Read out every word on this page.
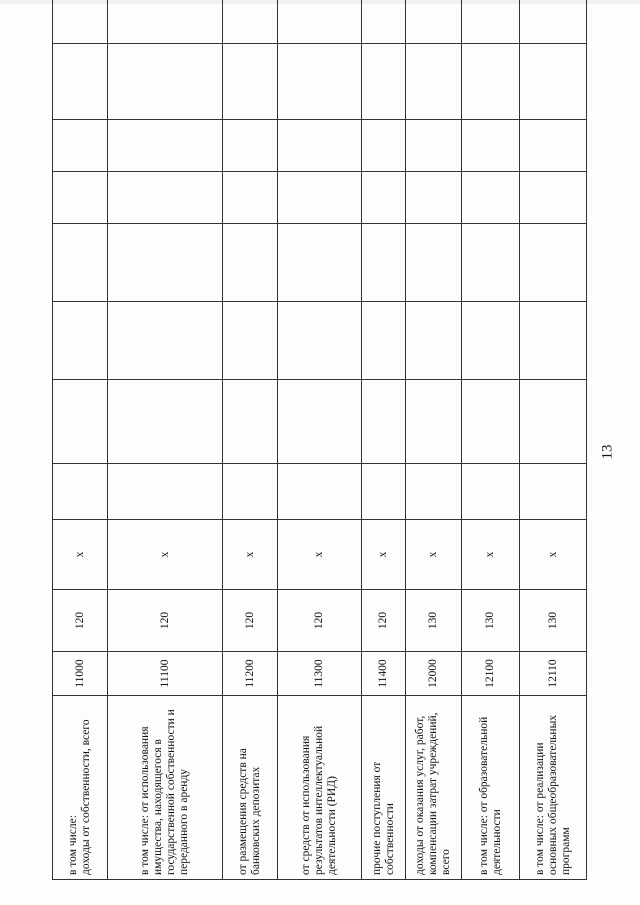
13
в том числе:
доходы от собственности, всего	11000	120	х								
в том числе: от использования имущества, находящегося в государственной собственности и переданного в аренду	11100	120	х								
от размещения средств на банковских депозитах	11200	120	х								
от средств от использования результатов интеллектуальной деятельности (РИД)	11300	120	х								
прочие поступления от собственности	11400	120	х								
доходы от оказания услуг, работ, компенсации затрат учреждений, всего	12000	130	х								
в том числе: от образовательной деятельности	12100	130	х								
в том числе: от реализации основных общеобразовательных программ	12110	130	х								
